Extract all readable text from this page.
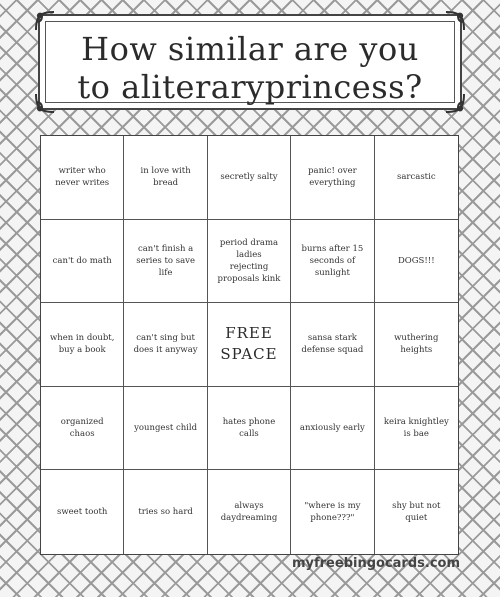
How similar are you
to aliteraryprincess?
writer who never writes
in love with bread
secretly salty
panic! over everything
sarcastic
can't do math
can't finish a series to save life
period drama ladies rejecting proposals kink
burns after 15 seconds of sunlight
DOGS!!!
when in doubt, buy a book
can't sing but does it anyway
FREE SPACE
sansa stark defense squad
wuthering heights
organized chaos
youngest child
hates phone calls
anxiously early
keira knightley is bae
sweet tooth	tries so hard
always daydreaming
"where is my phone???"
shy but not quiet
myfreebingocards.com
